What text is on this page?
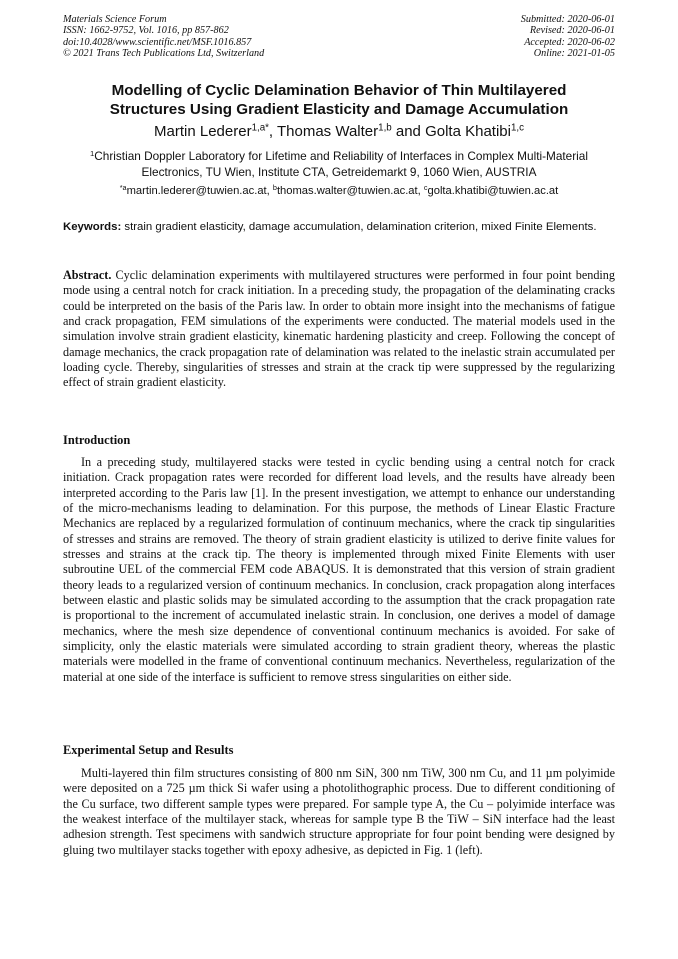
Materials Science Forum
ISSN: 1662-9752, Vol. 1016, pp 857-862
doi:10.4028/www.scientific.net/MSF.1016.857
© 2021 Trans Tech Publications Ltd, Switzerland
Submitted: 2020-06-01
Revised: 2020-06-01
Accepted: 2020-06-02
Online: 2021-01-05
Modelling of Cyclic Delamination Behavior of Thin Multilayered
Structures Using Gradient Elasticity and Damage Accumulation
Martin Lederer$^{1,a*}$, Thomas Walter$^{1,b}$ and Golta Khatibi$^{1,c}$
$^1$Christian Doppler Laboratory for Lifetime and Reliability of Interfaces in Complex Multi-Material
Electronics, TU Wien, Institute CTA, Getreidemarkt 9, 1060 Wien, AUSTRIA
$^{*a}$martin.lederer@tuwien.ac.at, $^b$thomas.walter@tuwien.ac.at, $^c$golta.khatibi@tuwien.ac.at
Keywords: strain gradient elasticity, damage accumulation, delamination criterion, mixed Finite Elements.
Abstract. Cyclic delamination experiments with multilayered structures were performed in four point bending mode using a central notch for crack initiation. In a preceding study, the propagation of the delaminating cracks could be interpreted on the basis of the Paris law. In order to obtain more insight into the mechanisms of fatigue and crack propagation, FEM simulations of the experiments were conducted. The material models used in the simulation involve strain gradient elasticity, kinematic hardening plasticity and creep. Following the concept of damage mechanics, the crack propagation rate of delamination was related to the inelastic strain accumulated per loading cycle. Thereby, singularities of stresses and strain at the crack tip were suppressed by the regularizing effect of strain gradient elasticity.
Introduction
In a preceding study, multilayered stacks were tested in cyclic bending using a central notch for crack initiation. Crack propagation rates were recorded for different load levels, and the results have already been interpreted according to the Paris law [1]. In the present investigation, we attempt to enhance our understanding of the micro-mechanisms leading to delamination. For this purpose, the methods of Linear Elastic Fracture Mechanics are replaced by a regularized formulation of continuum mechanics, where the crack tip singularities of stresses and strains are removed. The theory of strain gradient elasticity is utilized to derive finite values for stresses and strains at the crack tip. The theory is implemented through mixed Finite Elements with user subroutine UEL of the commercial FEM code ABAQUS. It is demonstrated that this version of strain gradient theory leads to a regularized version of continuum mechanics. In conclusion, crack propagation along interfaces between elastic and plastic solids may be simulated according to the assumption that the crack propagation rate is proportional to the increment of accumulated inelastic strain. In conclusion, one derives a model of damage mechanics, where the mesh size dependence of conventional continuum mechanics is avoided. For sake of simplicity, only the elastic materials were simulated according to strain gradient theory, whereas the plastic materials were modelled in the frame of conventional continuum mechanics. Nevertheless, regularization of the material at one side of the interface is sufficient to remove stress singularities on either side.
Experimental Setup and Results
Multi-layered thin film structures consisting of 800 nm SiN, 300 nm TiW, 300 nm Cu, and 11 µm polyimide were deposited on a 725 µm thick Si wafer using a photolithographic process. Due to different conditioning of the Cu surface, two different sample types were prepared. For sample type A, the Cu – polyimide interface was the weakest interface of the multilayer stack, whereas for sample type B the TiW – SiN interface had the least adhesion strength. Test specimens with sandwich structure appropriate for four point bending were designed by gluing two multilayer stacks together with epoxy adhesive, as depicted in Fig. 1 (left).
